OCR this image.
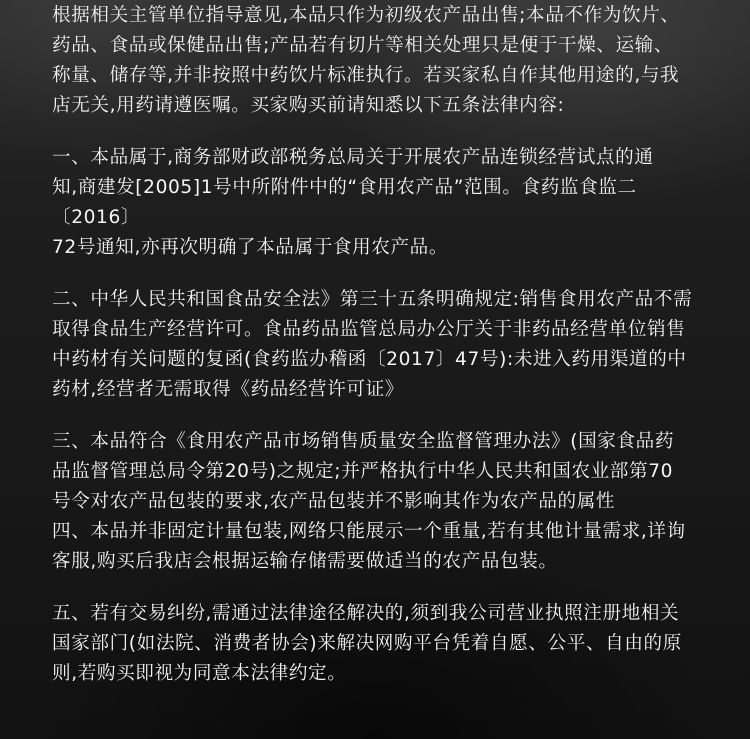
根据相关主管单位指导意见,本品只作为初级农产品出售;本品不作为饮片、
药品、食品或保健品出售;产品若有切片等相关处理只是便于干燥、运输、
称量、储存等,并非按照中药饮片标准执行。若买家私自作其他用途的,与我
店无关,用药请遵医嘱。买家购买前请知悉以下五条法律内容:

一、本品属于,商务部财政部税务总局关于开展农产品连锁经营试点的通
知,商建发[2005]1号中所附件中的“食用农产品”范围。食药监食监二〔2016〕
72号通知,亦再次明确了本品属于食用农产品。

二、中华人民共和国食品安全法》第三十五条明确规定:销售食用农产品不需
取得食品生产经营许可。食品药品监管总局办公厅关于非药品经营单位销售
中药材有关问题的复函(食药监办稽函〔2017〕47号):未进入药用渠道的中
药材,经营者无需取得《药品经营许可证》

三、本品符合《食用农产品市场销售质量安全监督管理办法》(国家食品药
品监督管理总局令第20号)之规定;并严格执行中华人民共和国农业部第70
号令对农产品包装的要求,农产品包装并不影响其作为农产品的属性

四、本品并非固定计量包装,网络只能展示一个重量,若有其他计量需求,详询
客服,购买后我店会根据运输存储需要做适当的农产品包装。

五、若有交易纠纷,需通过法律途径解决的,须到我公司营业执照注册地相关
国家部门(如法院、消费者协会)来解决网购平台凭着自愿、公平、自由的原
则,若购买即视为同意本法律约定。
